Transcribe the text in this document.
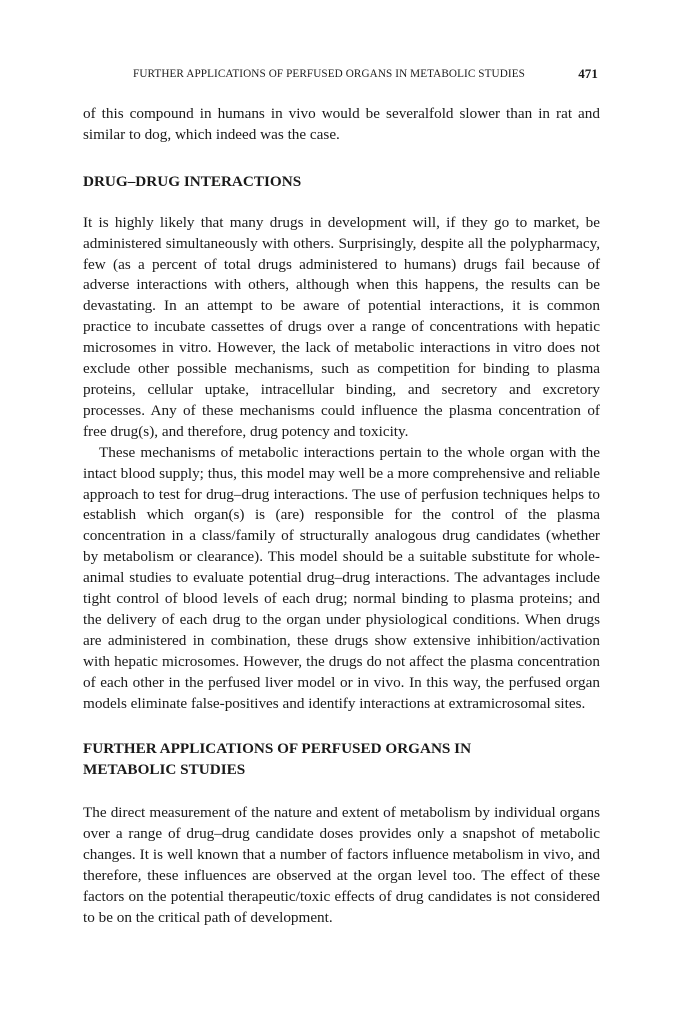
FURTHER APPLICATIONS OF PERFUSED ORGANS IN METABOLIC STUDIES	471

of this compound in humans in vivo would be severalfold slower than in rat and similar to dog, which indeed was the case.

DRUG–DRUG INTERACTIONS

It is highly likely that many drugs in development will, if they go to market, be administered simultaneously with others. Surprisingly, despite all the polypharmacy, few (as a percent of total drugs administered to humans) drugs fail because of adverse interactions with others, although when this happens, the results can be devastating. In an attempt to be aware of potential interactions, it is common practice to incubate cassettes of drugs over a range of concentrations with hepatic microsomes in vitro. However, the lack of metabolic interactions in vitro does not exclude other possible mechanisms, such as competition for binding to plasma proteins, cellular uptake, intracellular binding, and secretory and excretory processes. Any of these mechanisms could influence the plasma concentration of free drug(s), and therefore, drug potency and toxicity.

These mechanisms of metabolic interactions pertain to the whole organ with the intact blood supply; thus, this model may well be a more comprehensive and reliable approach to test for drug–drug interactions. The use of perfusion techniques helps to establish which organ(s) is (are) responsible for the control of the plasma concentration in a class/family of structurally analogous drug candidates (whether by metabolism or clearance). This model should be a suitable substitute for whole-animal studies to evaluate potential drug–drug interactions. The advantages include tight control of blood levels of each drug; normal binding to plasma proteins; and the delivery of each drug to the organ under physiological conditions. When drugs are administered in combination, these drugs show extensive inhibition/activation with hepatic microsomes. However, the drugs do not affect the plasma concentration of each other in the perfused liver model or in vivo. In this way, the perfused organ models eliminate false-positives and identify interactions at extramicrosomal sites.

FURTHER APPLICATIONS OF PERFUSED ORGANS IN
METABOLIC STUDIES

The direct measurement of the nature and extent of metabolism by individual organs over a range of drug–drug candidate doses provides only a snapshot of metabolic changes. It is well known that a number of factors influence metabolism in vivo, and therefore, these influences are observed at the organ level too. The effect of these factors on the potential therapeutic/toxic effects of drug candidates is not considered to be on the critical path of development.
